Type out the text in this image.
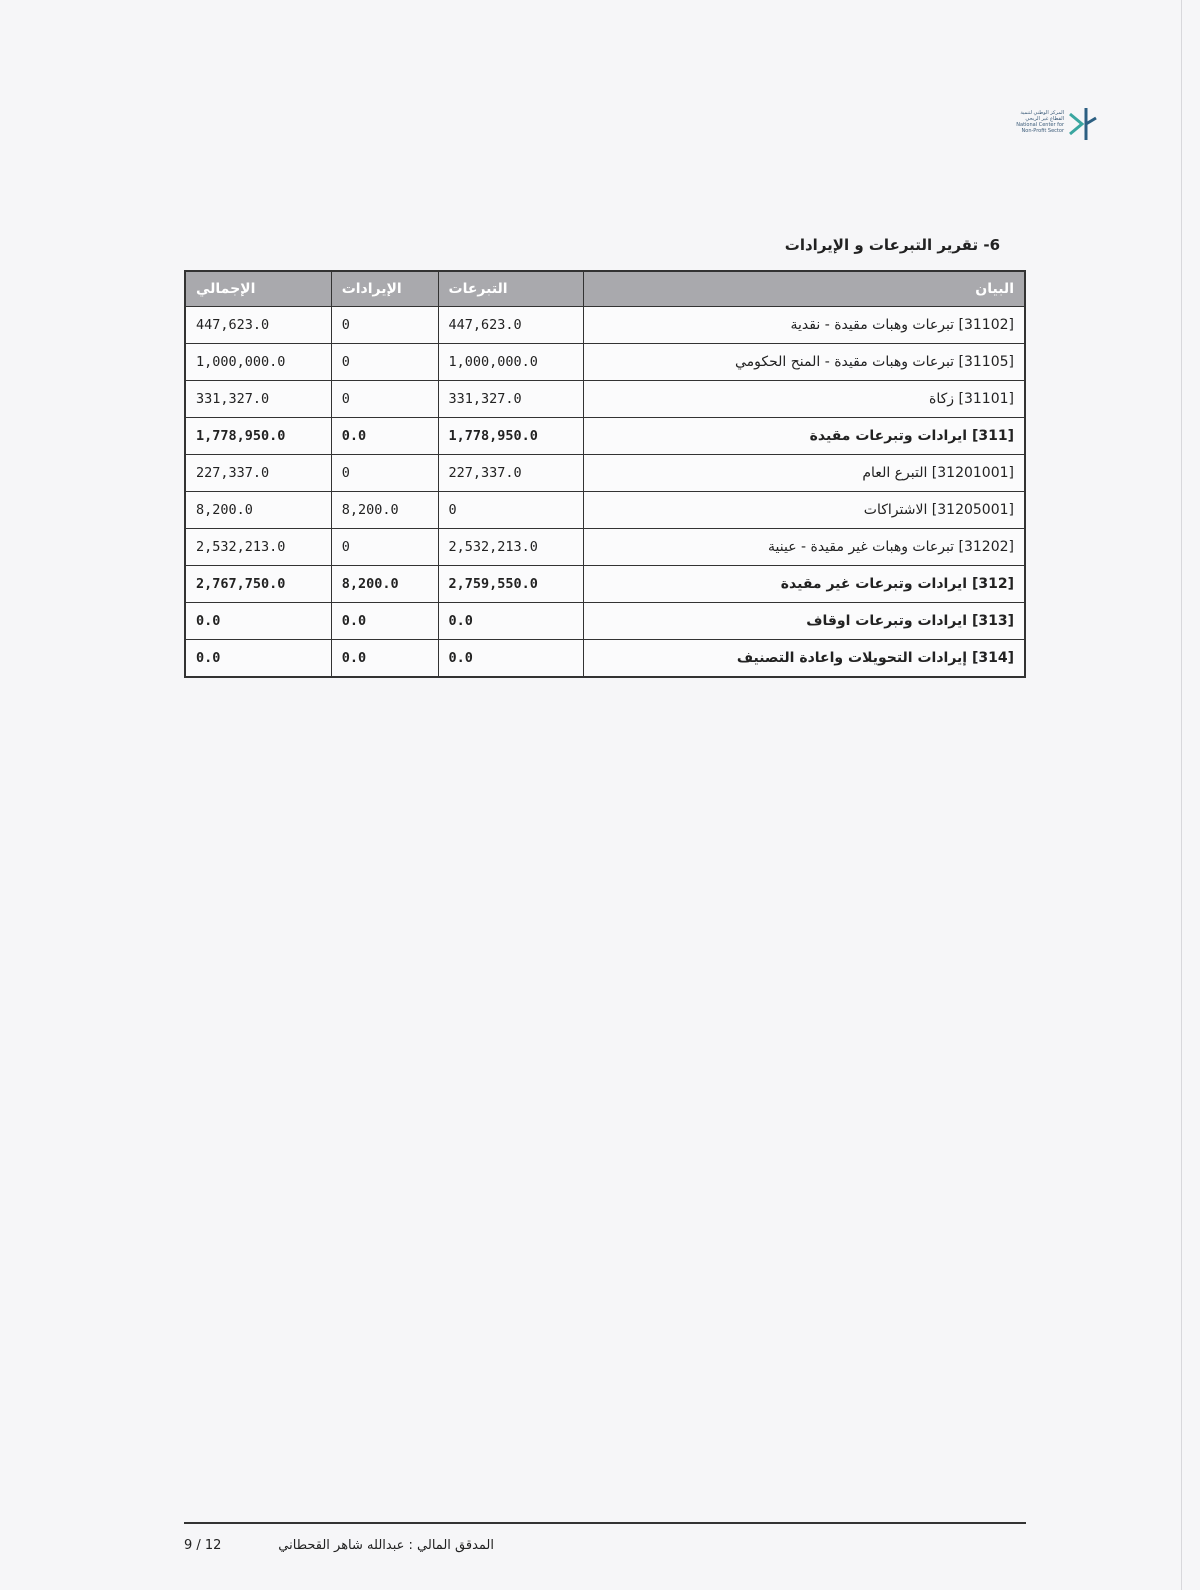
المركز الوطني لتنمية
القطاع غير الربحي
National Center for
Non-Profit Sector
6- تقرير التبرعات و الإيرادات
البيان	التبرعات	الإيرادات	الإجمالي
[31102] تبرعات وهبات مقيدة - نقدية	447,623.0	0	447,623.0
[31105] تبرعات وهبات مقيدة - المنح الحكومي	1,000,000.0	0	1,000,000.0
[31101] زكاة	331,327.0	0	331,327.0
[311] ايرادات وتبرعات مقيدة	1,778,950.0	0.0	1,778,950.0
[31201001] التبرع العام	227,337.0	0	227,337.0
[31205001] الاشتراكات	0	8,200.0	8,200.0
[31202] تبرعات وهبات غير مقيدة - عينية	2,532,213.0	0	2,532,213.0
[312] ايرادات وتبرعات غير مقيدة	2,759,550.0	8,200.0	2,767,750.0
[313] ايرادات وتبرعات اوقاف	0.0	0.0	0.0
[314] إيرادات التحويلات واعادة التصنيف	0.0	0.0	0.0
المدقق المالي : عبدالله شاهر القحطاني
9 / 12
